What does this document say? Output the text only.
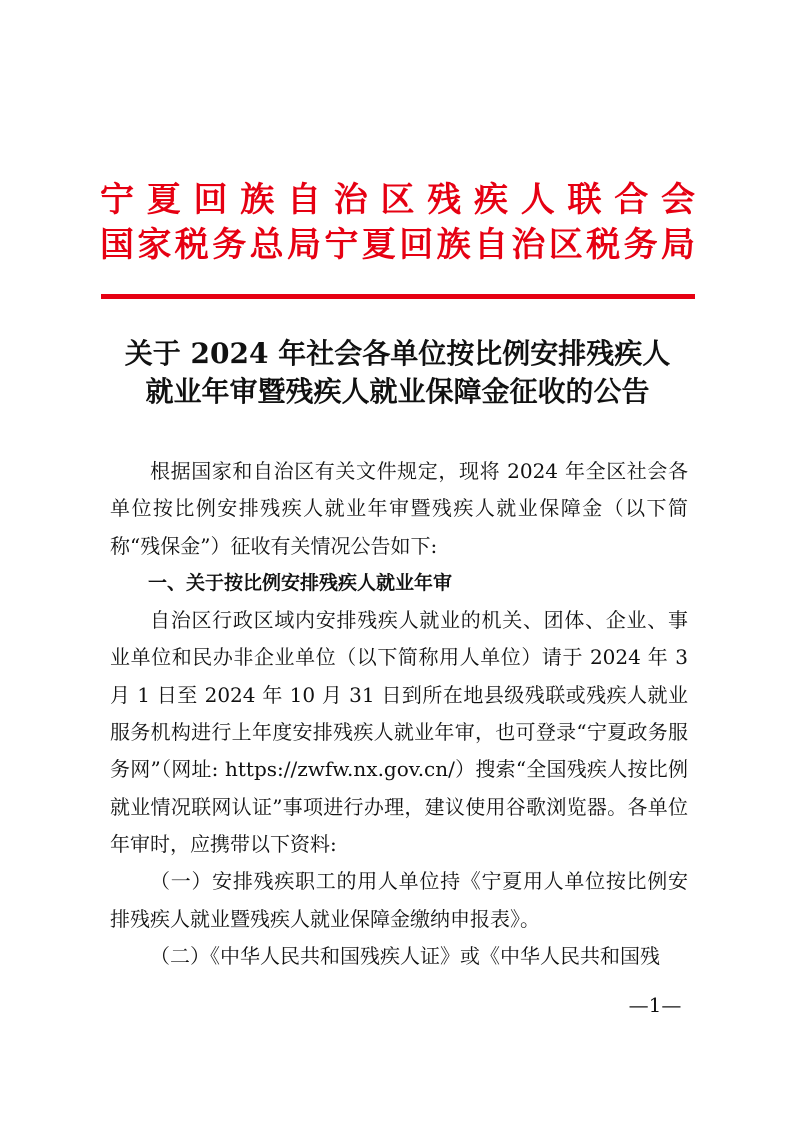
宁 夏 回 族 自 治 区 残 疾 人 联 合 会
国家税务总局宁夏回族自治区税务局
关于 2024 年社会各单位按比例安排残疾人
就业年审暨残疾人就业保障金征收的公告

根据国家和自治区有关文件规定，现将 2024 年全区社会各单位按比例安排残疾人就业年审暨残疾人就业保障金（以下简称“残保金”）征收有关情况公告如下:

一、关于按比例安排残疾人就业年审

自治区行政区域内安排残疾人就业的机关、团体、企业、事业单位和民办非企业单位（以下简称用人单位）请于 2024 年 3 月 1 日至 2024 年 10 月 31 日到所在地县级残联或残疾人就业服务机构进行上年度安排残疾人就业年审，也可登录“宁夏政务服务网”（网址: https://zwfw.nx.gov.cn/）搜索“全国残疾人按比例就业情况联网认证”事项进行办理，建议使用谷歌浏览器。各单位年审时，应携带以下资料:

（一）安排残疾职工的用人单位持《宁夏用人单位按比例安排残疾人就业暨残疾人就业保障金缴纳申报表》。

（二）《中华人民共和国残疾人证》或《中华人民共和国残

—1—
